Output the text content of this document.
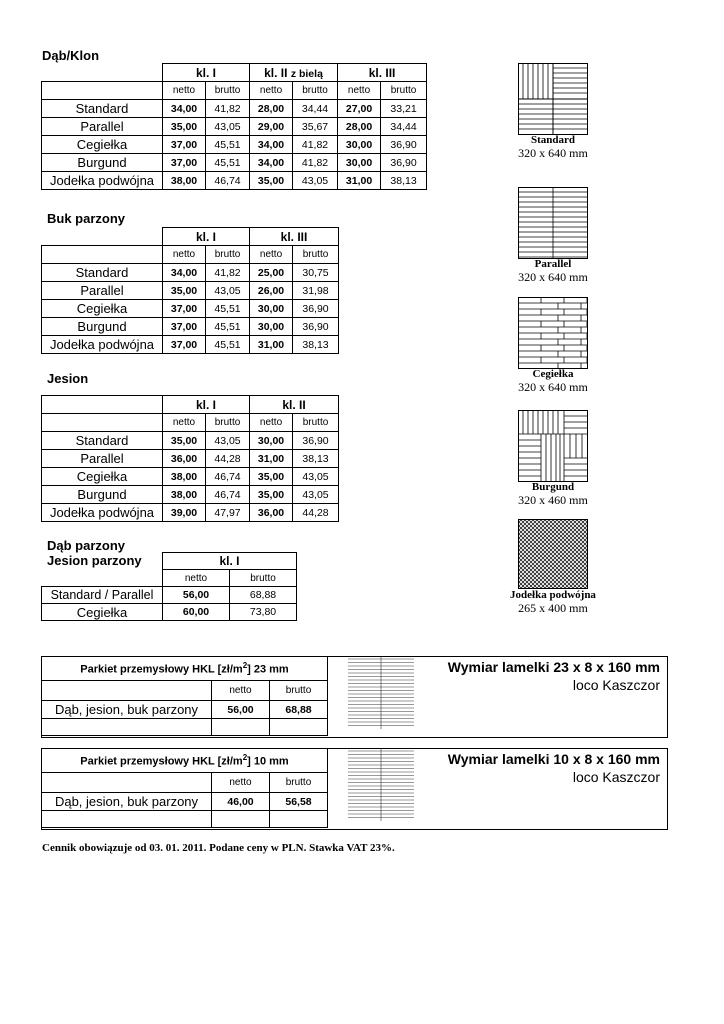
Dąb/Klon
	kl. I		kl. II z bielą		kl. III	
	netto	brutto	netto	brutto	netto	brutto
Standard	34,00	41,82	28,00	34,44	27,00	33,21
Parallel	35,00	43,05	29,00	35,67	28,00	34,44
Cegiełka	37,00	45,51	34,00	41,82	30,00	36,90
Burgund	37,00	45,51	34,00	41,82	30,00	36,90
Jodełka podwójna	38,00	46,74	35,00	43,05	31,00	38,13
Buk parzony
	kl. I		kl. III	
	netto	brutto	netto	brutto
Standard	34,00	41,82	25,00	30,75
Parallel	35,00	43,05	26,00	31,98
Cegiełka	37,00	45,51	30,00	36,90
Burgund	37,00	45,51	30,00	36,90
Jodełka podwójna	37,00	45,51	31,00	38,13
Jesion
	kl. I		kl. II	
	netto	brutto	netto	brutto
Standard	35,00	43,05	30,00	36,90
Parallel	36,00	44,28	31,00	38,13
Cegiełka	38,00	46,74	35,00	43,05
Burgund	38,00	46,74	35,00	43,05
Jodełka podwójna	39,00	47,97	36,00	44,28
Dąb parzony
Jesion parzony
		kl. I	
	netto	brutto
Standard / Parallel	56,00	68,88
Cegiełka	60,00	73,80
Standard
320 x 640 mm
Parallel
320 x 640 mm
Cegiełka
320 x 640 mm
Burgund
320 x 460 mm
Jodełka podwójna
265 x 400 mm
Parkiet przemysłowy HKL $[zł/m^2]$ 23 mm		
	netto	brutto
Dąb, jesion, buk parzony	56,00	68,88

Wymiar lamelki 23 x 8 x 160 mm
loco Kaszczor
Parkiet przemysłowy HKL $[zł/m^2]$ 10 mm		
	netto	brutto
Dąb, jesion, buk parzony	46,00	56,58

Wymiar lamelki 10 x 8 x 160 mm
loco Kaszczor
Cennik obowiązuje od 03. 01. 2011. Podane ceny w PLN. Stawka VAT 23%.
